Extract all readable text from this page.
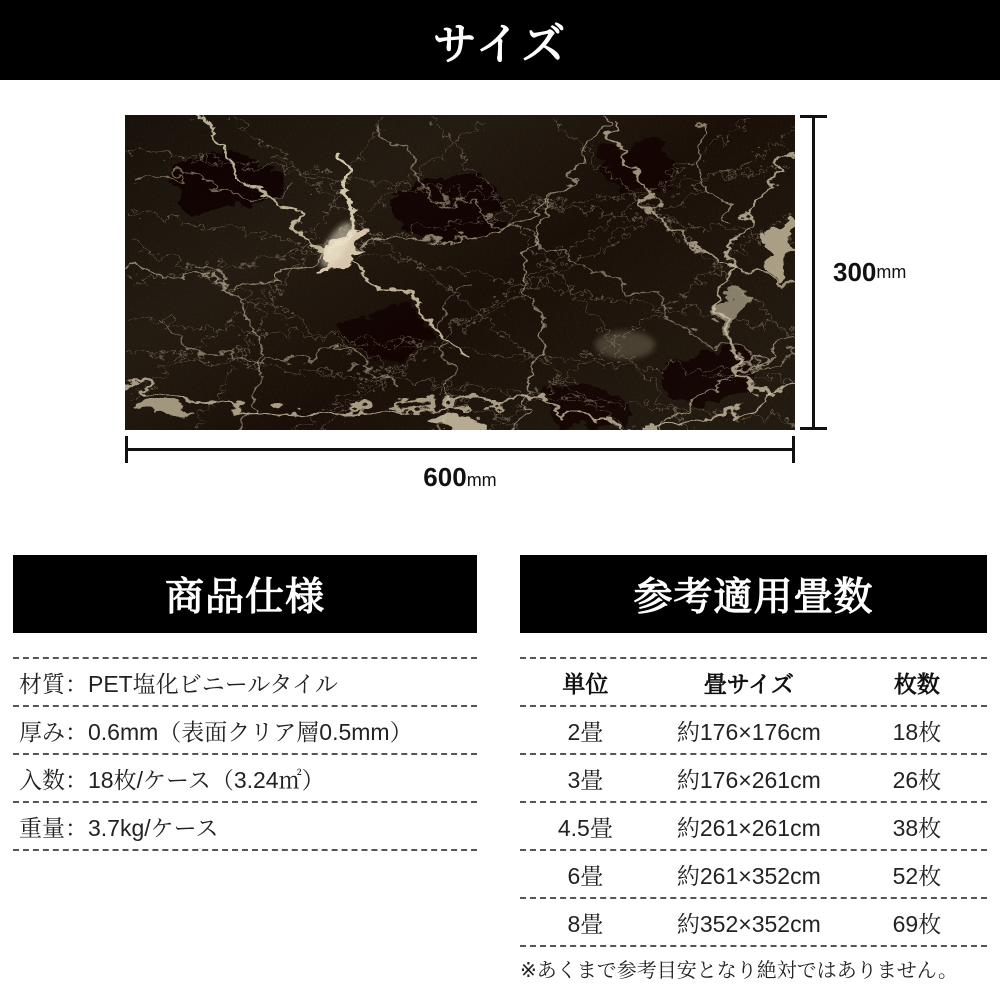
サイズ
300 mm
600mm
商品仕様
材質：PET塩化ビニールタイル
厚み：0.6mm（表面クリア層0.5mm）
入数：18枚/ケース（3.24㎡）
重量：3.7kg/ケース
参考適用畳数
単位	畳サイズ	枚数
2畳	約176×176cm	18枚
3畳	約176×261cm	26枚
4.5畳	約261×261cm	38枚
6畳	約261×352cm	52枚
8畳	約352×352cm	69枚
※あくまで参考目安となり絶対ではありません。
